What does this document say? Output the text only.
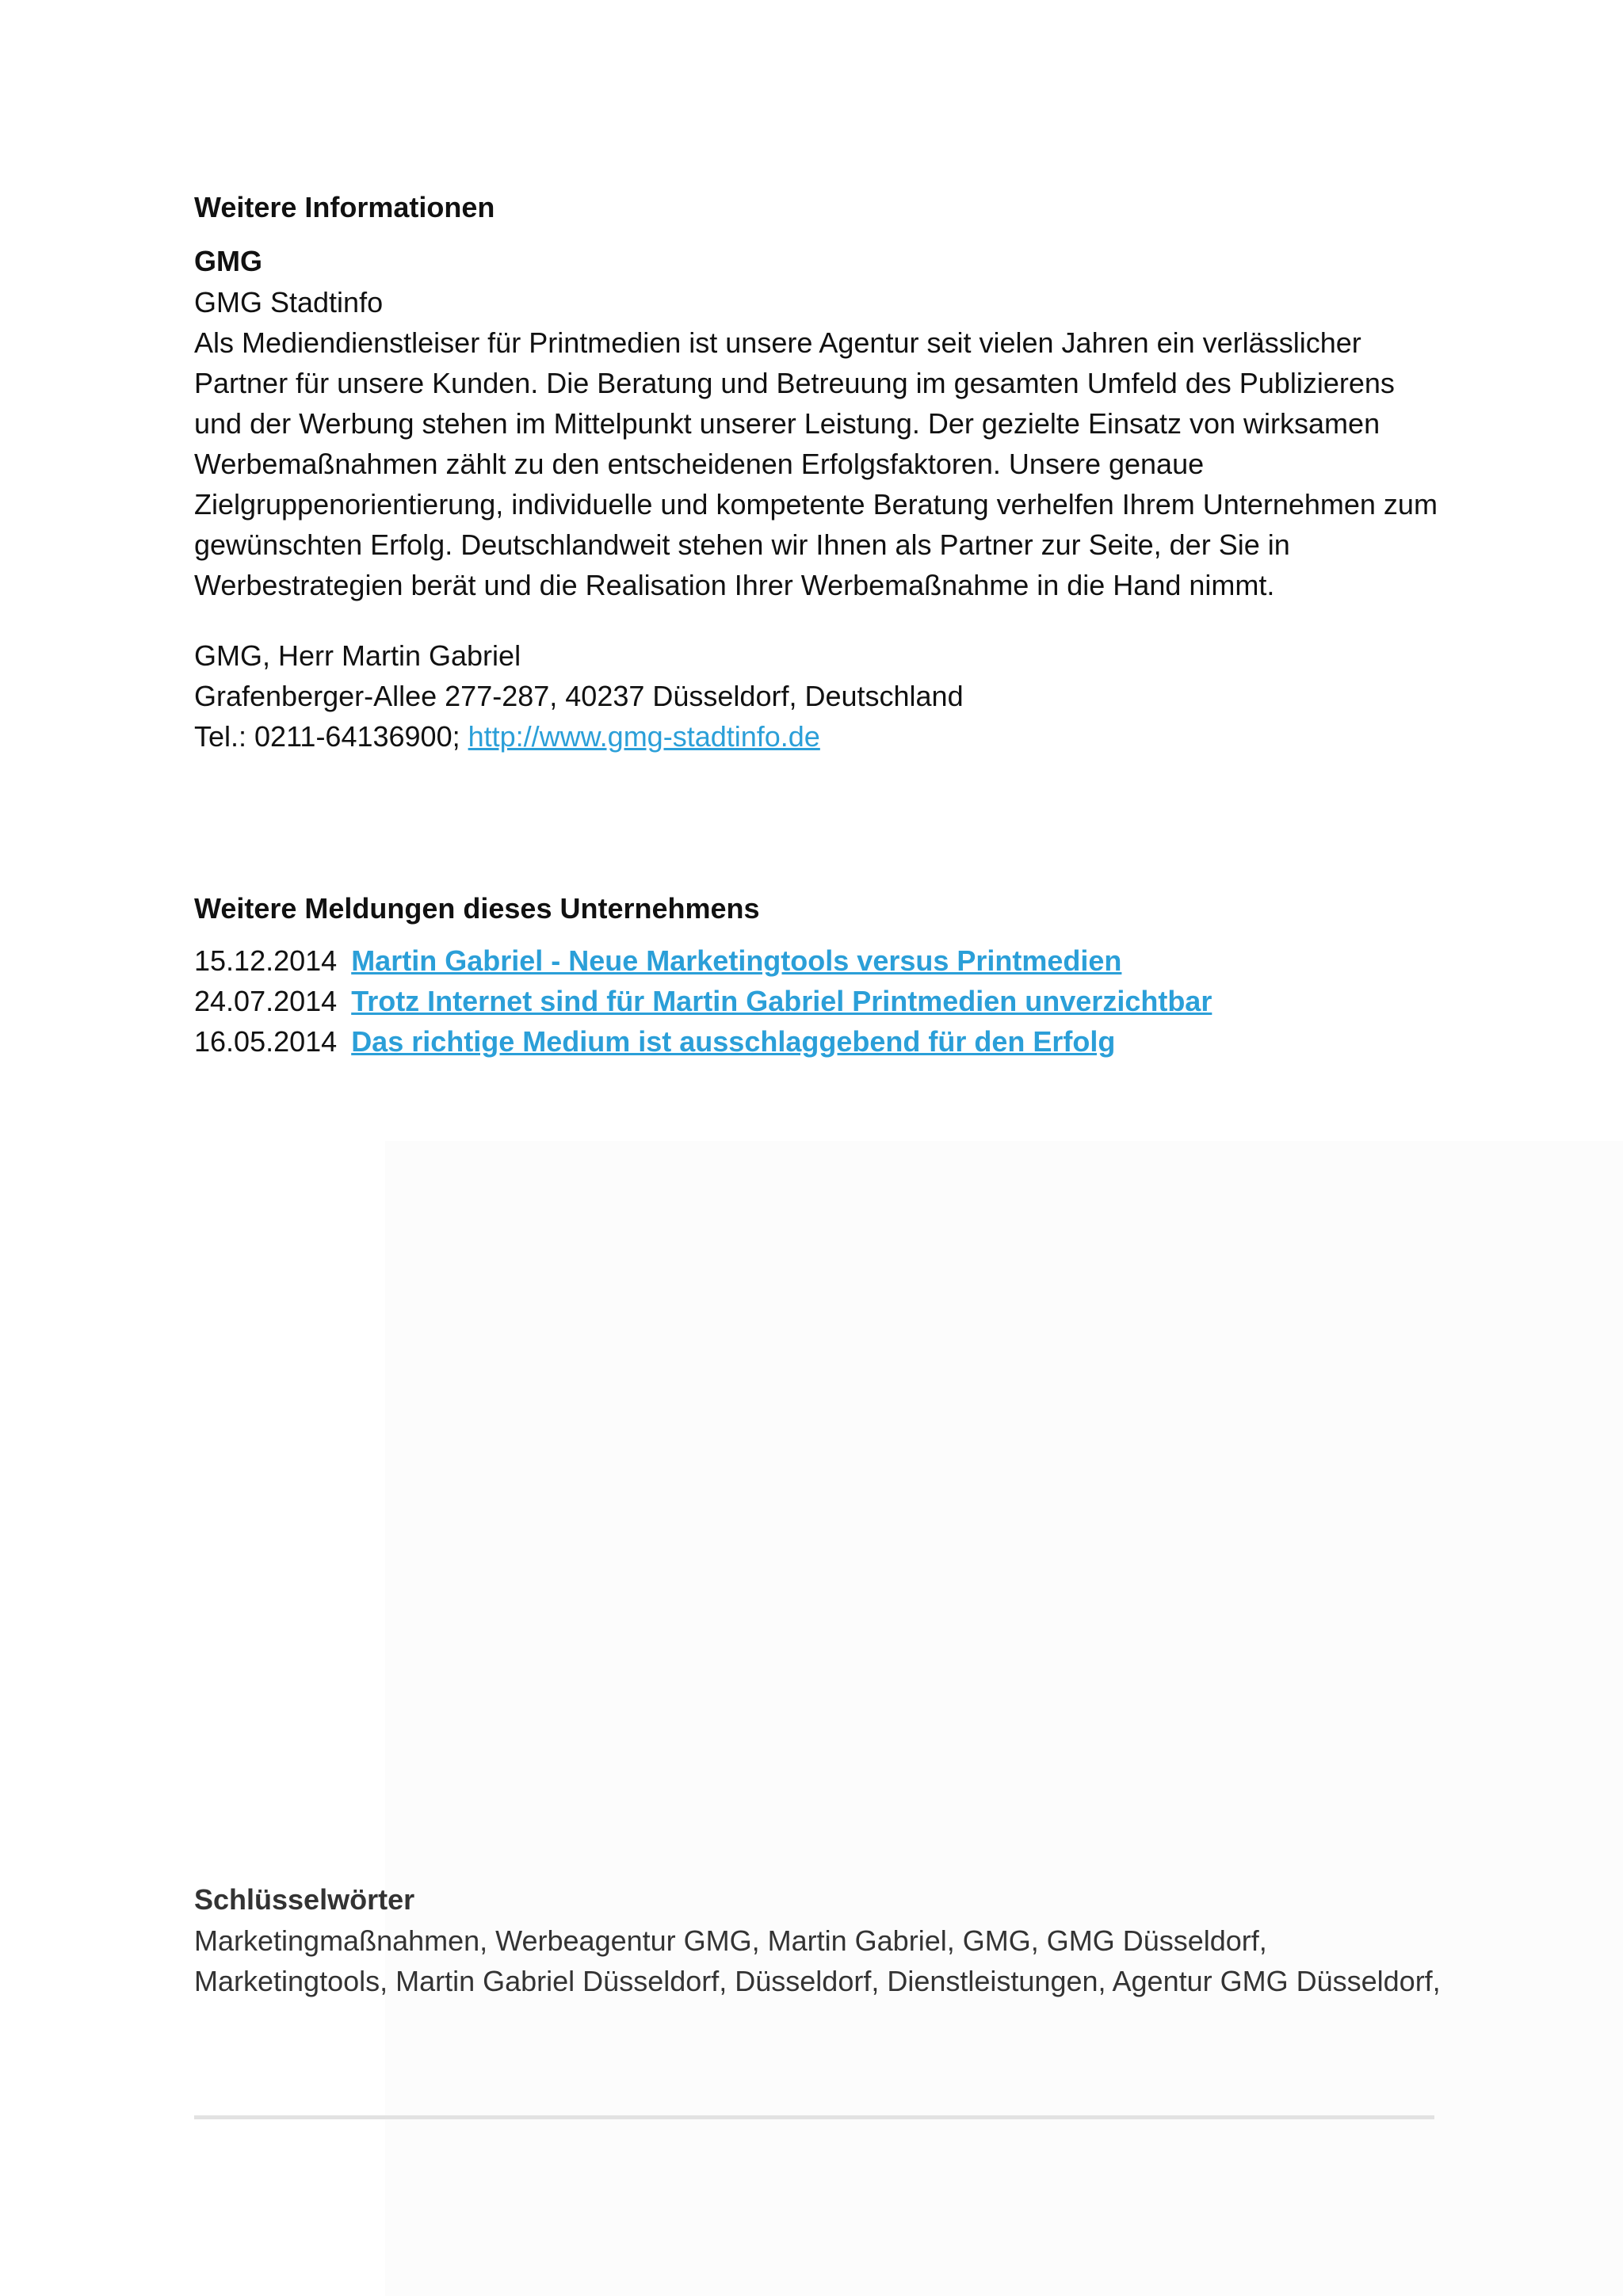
Weitere Informationen
GMG

GMG Stadtinfo

Als Mediendienstleiser für Printmedien ist unsere Agentur seit vielen Jahren ein verlässlicher Partner für unsere Kunden. Die Beratung und Betreuung im gesamten Umfeld des Publizierens und der Werbung stehen im Mittelpunkt unserer Leistung. Der gezielte Einsatz von wirksamen Werbemaßnahmen zählt zu den entscheidenen Erfolgsfaktoren. Unsere genaue Zielgruppenorientierung, individuelle und kompetente Beratung verhelfen Ihrem Unternehmen zum gewünschten Erfolg. Deutschlandweit stehen wir Ihnen als Partner zur Seite, der Sie in Werbestrategien berät und die Realisation Ihrer Werbemaßnahme in die Hand nimmt.

GMG, Herr Martin Gabriel

Grafenberger-Allee 277-287, 40237 Düsseldorf, Deutschland

Tel.: 0211-64136900; http://www.gmg-stadtinfo.de

Weitere Meldungen dieses Unternehmens
15.12.2014 Martin Gabriel - Neue Marketingtools versus Printmedien
24.07.2014 Trotz Internet sind für Martin Gabriel Printmedien unverzichtbar
16.05.2014 Das richtige Medium ist ausschlaggebend für den Erfolg
Schlüsselwörter

Marketingmaßnahmen, Werbeagentur GMG, Martin Gabriel, GMG, GMG Düsseldorf, Marketingtools, Martin Gabriel Düsseldorf, Düsseldorf, Dienstleistungen, Agentur GMG Düsseldorf,
